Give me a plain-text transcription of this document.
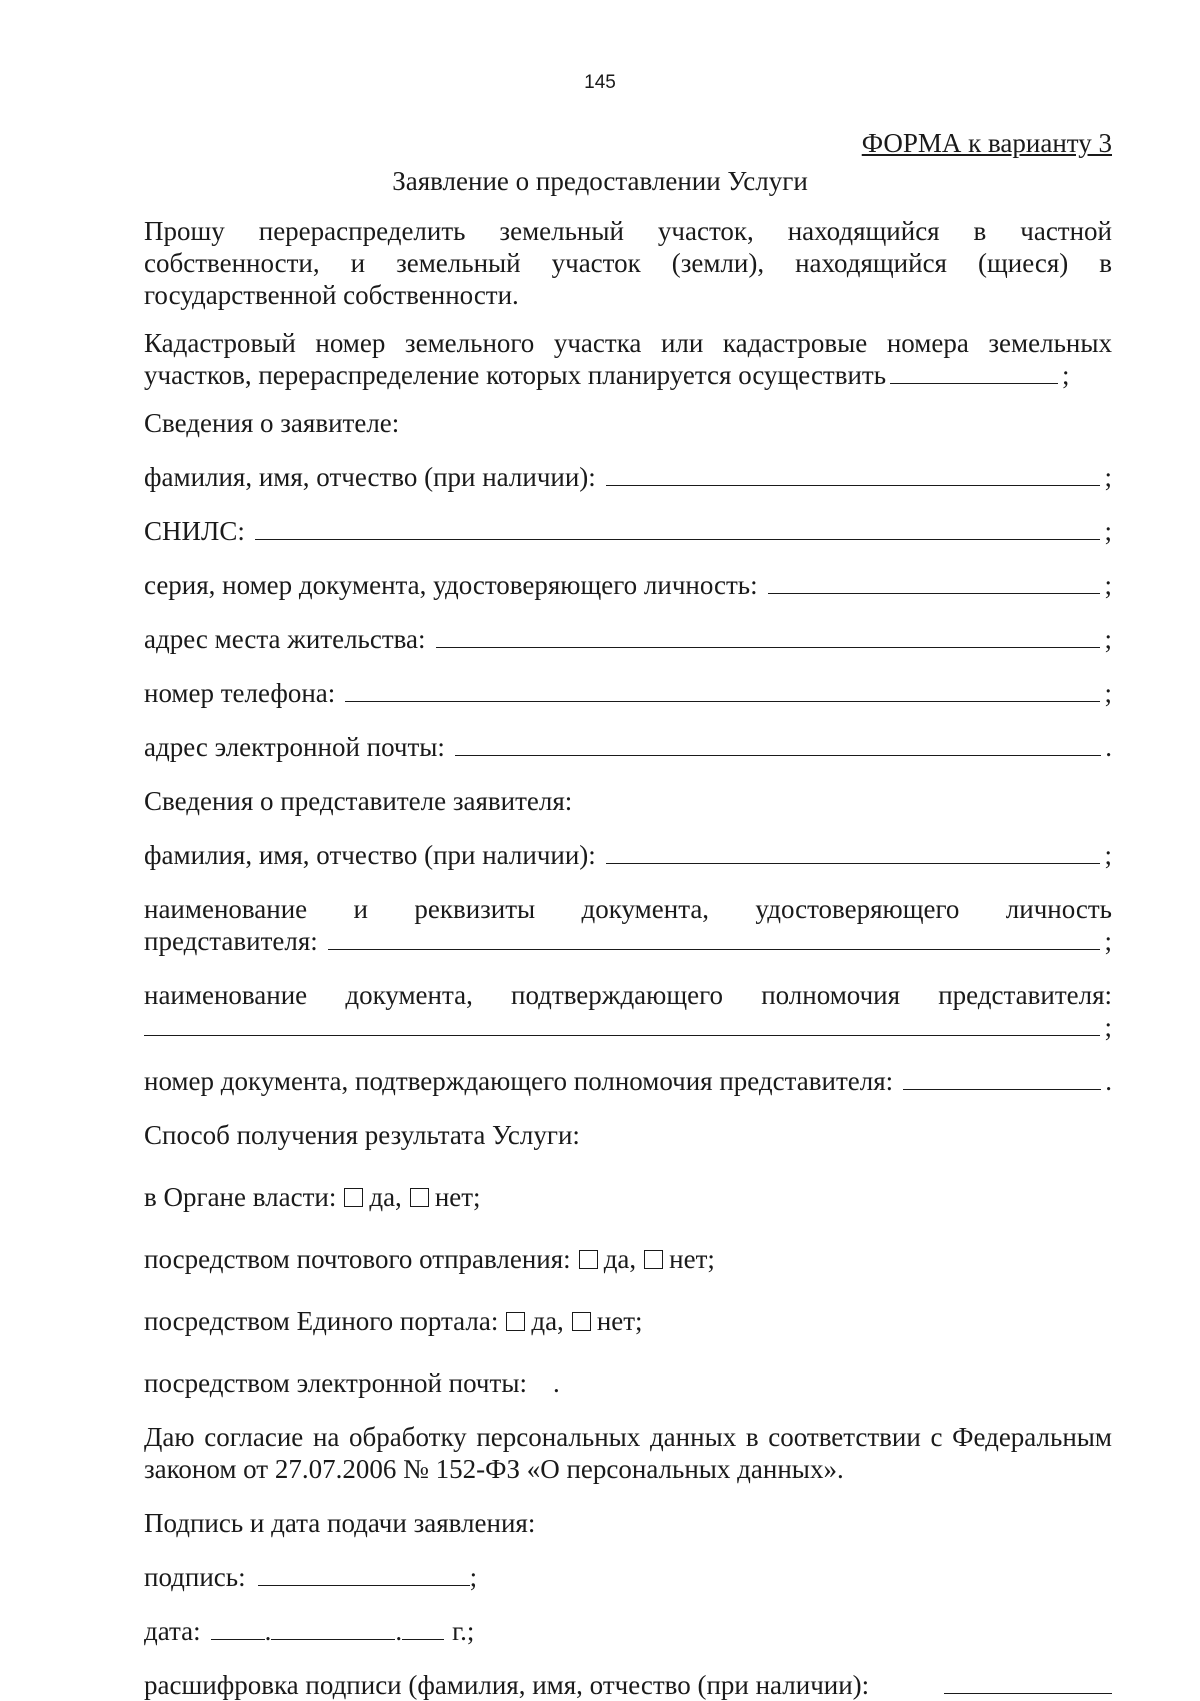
145
ФОРМА к варианту 3
Заявление о предоставлении Услуги

Прошу перераспределить земельный участок, находящийся в частной собственности, и земельный участок (земли), находящийся (щиеся) в государственной собственности.

Кадастровый номер земельного участка или кадастровые номера земельных

участков, перераспределение которых планируется осуществить	;
Сведения о заявителе:
фамилия, имя, отчество (при наличии):	;
СНИЛС:	;
серия, номер документа, удостоверяющего личность:	;
адрес места жительства:	;
номер телефона:	;
адрес электронной почты:	.
Сведения о представителе заявителя:
фамилия, имя, отчество (при наличии):	;

наименование и реквизиты документа, удостоверяющего личность

представителя:	;

наименование документа, подтверждающего полномочия представителя:

;
номер документа, подтверждающего полномочия представителя:	.
Способ получения результата Услуги:
в Органе власти: да, нет;
посредством почтового отправления: да, нет;
посредством Единого портала: да, нет;
посредством электронной почты: .

Даю согласие на обработку персональных данных в соответствии с Федеральным законом от 27.07.2006 № 152-ФЗ «О персональных данных».

Подпись и дата подачи заявления:
подпись:	;
дата: .	. г.;
расшифровка подписи (фамилия, имя, отчество (при наличии):
